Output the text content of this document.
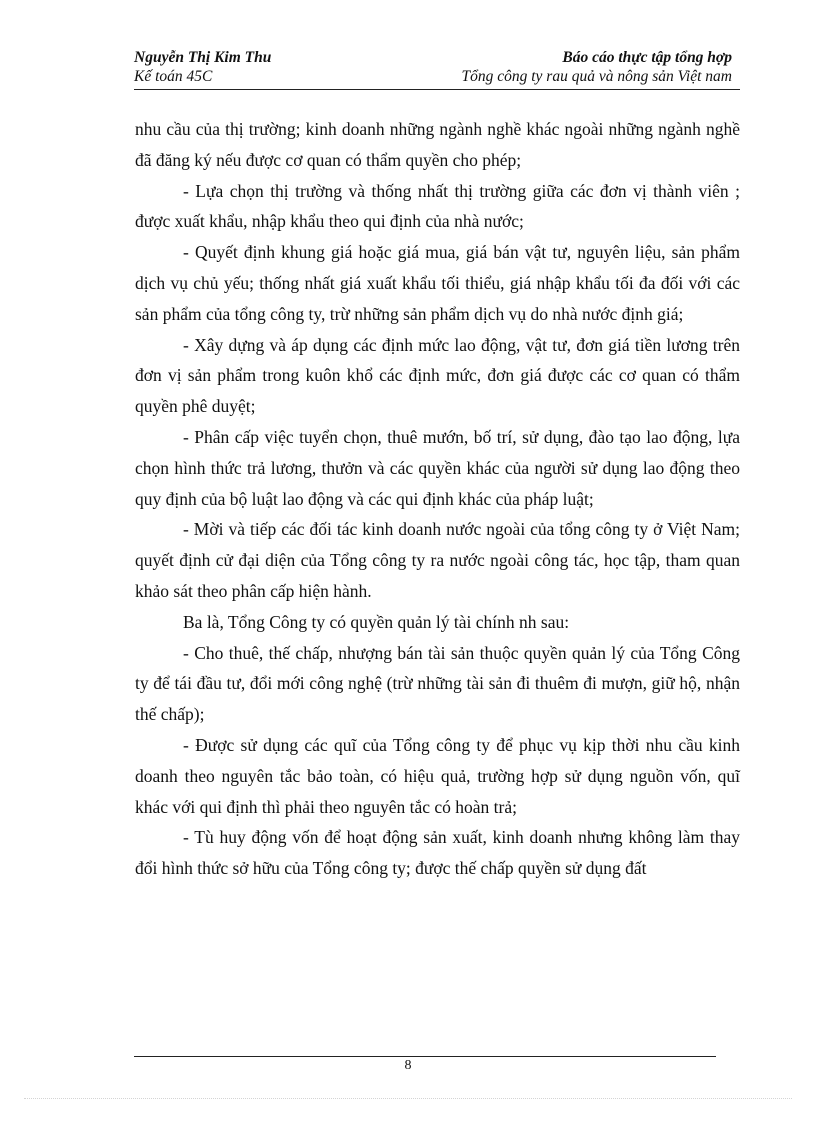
Nguyễn Thị Kim Thu	Báo cáo thực tập tổng hợp
Kế toán 45C	Tổng công ty rau quả và nông sản Việt nam

nhu cầu của thị trường; kinh doanh những ngành nghề khác ngoài những ngành nghề đã đăng ký nếu được cơ quan có thẩm quyền cho phép;

- Lựa chọn thị trường và thống nhất thị trường giữa các đơn vị thành viên ; được xuất khẩu, nhập khẩu theo qui định của nhà nước;

- Quyết định khung giá hoặc giá mua, giá bán vật tư, nguyên liệu, sản phẩm dịch vụ chủ yếu; thống nhất giá xuất khẩu tối thiểu, giá nhập khẩu tối đa đối với các sản phẩm của tổng công ty, trừ những sản phẩm dịch vụ do nhà nước định giá;

- Xây dựng và áp dụng các định mức lao động, vật tư, đơn giá tiền lương trên đơn vị sản phẩm trong kuôn khổ các định mức, đơn giá được các cơ quan có thẩm quyền phê duyệt;

- Phân cấp việc tuyển chọn, thuê mướn, bố trí, sử dụng, đào tạo lao động, lựa chọn hình thức trả lương, thưởn và các quyền khác của người sử dụng lao động theo quy định của bộ luật lao động và các qui định khác của pháp luật;

- Mời và tiếp các đối tác kinh doanh nước ngoài của tổng công ty ở Việt Nam; quyết định cử đại diện của Tổng công ty ra nước ngoài công tác, học tập, tham quan khảo sát theo phân cấp hiện hành.

Ba là, Tổng Công ty có quyền quản lý tài chính nh sau:

- Cho thuê, thế chấp, nhượng bán tài sản thuộc quyền quản lý của Tổng Công ty để tái đầu tư, đổi mới công nghệ (trừ những tài sản đi thuêm đi mượn, giữ hộ, nhận thế chấp);

- Được sử dụng các quĩ của Tổng công ty để phục vụ kịp thời nhu cầu kinh doanh theo nguyên tắc bảo toàn, có hiệu quả, trường hợp sử dụng nguồn vốn, quĩ khác với qui định thì phải theo nguyên tắc có hoàn trả;

- Tù huy động vốn để hoạt động sản xuất, kinh doanh nhưng không làm thay đổi hình thức sở hữu của Tổng công ty; được thế chấp quyền sử dụng đất

8
